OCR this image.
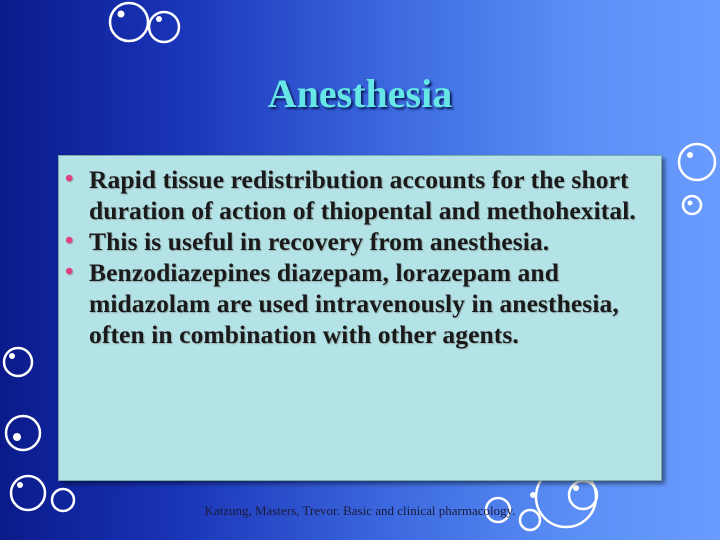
Anesthesia
• Rapid tissue redistribution accounts for the short duration of action of thiopental and methohexital.
• This is useful in recovery from anesthesia.
• Benzodiazepines diazepam, lorazepam and midazolam are used intravenously in anesthesia, often in combination with other agents.

Katzung, Masters, Trevor. Basic and clinical pharmacology.
